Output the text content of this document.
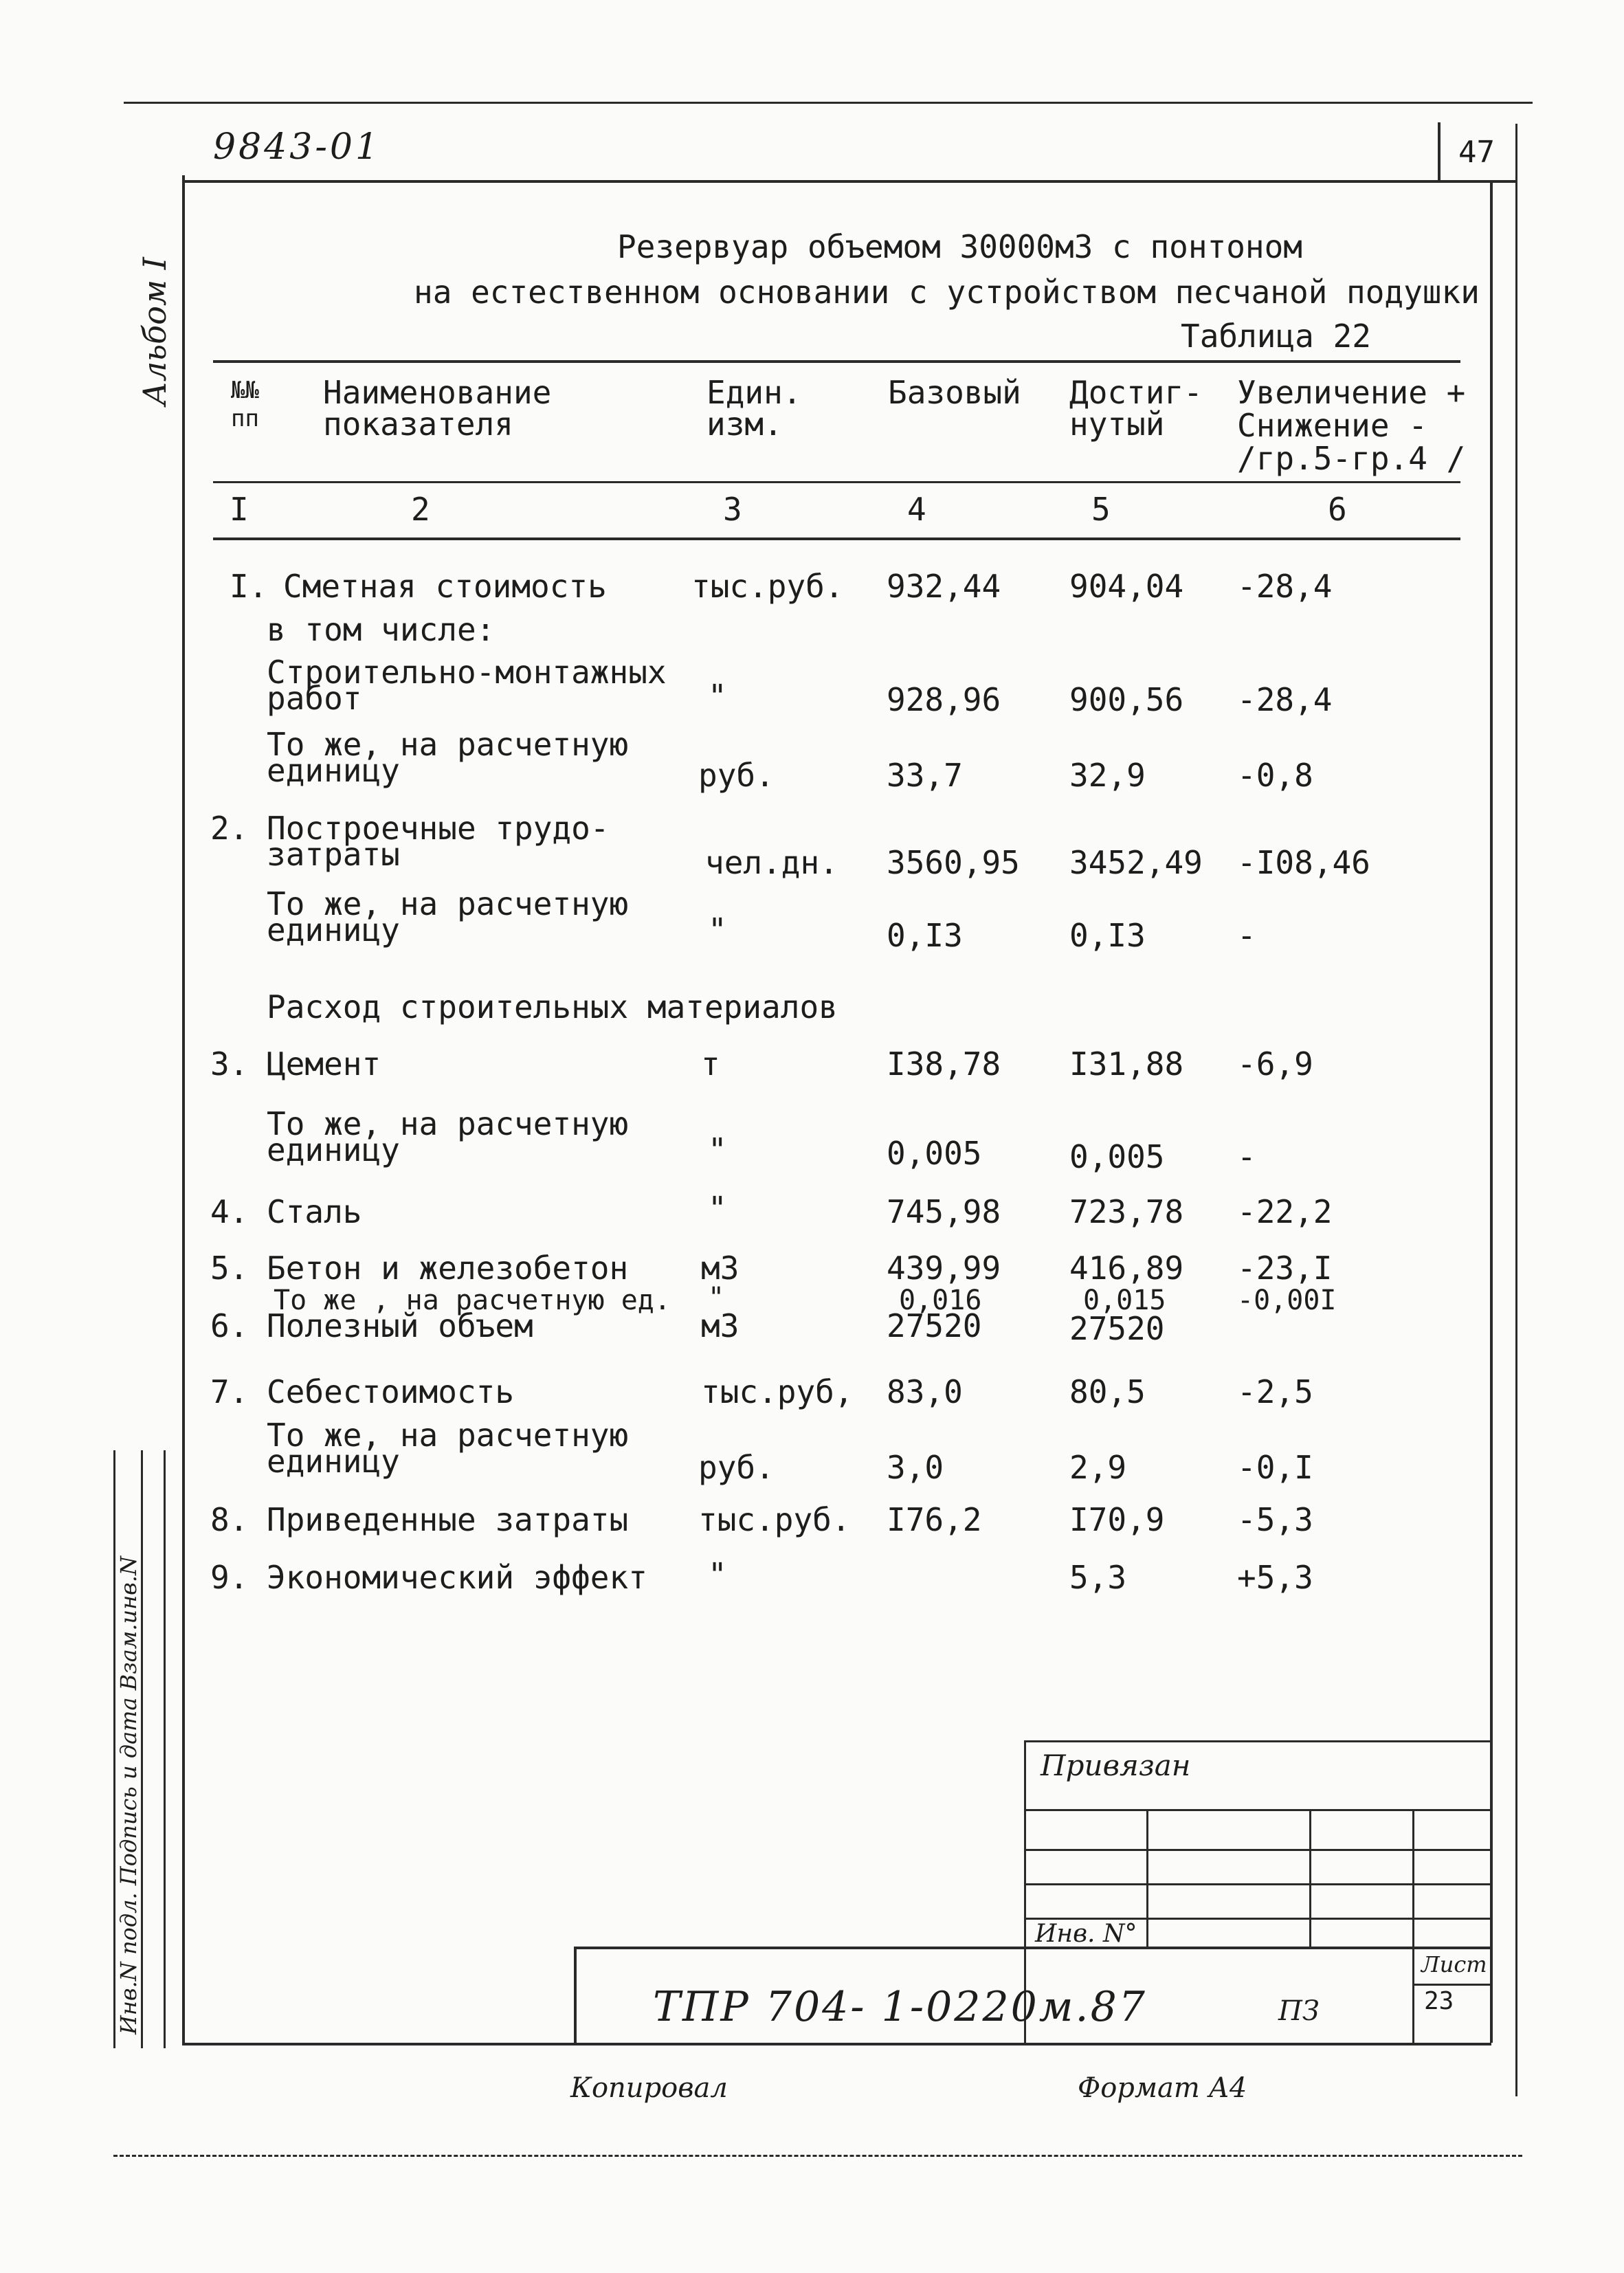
47
9843-01
Альбом I
Инв.N подл. Подпись и дата Взам.инв.N
Резервуар объемом 30000м3 с понтоном
на естественном основании с устройством песчаной подушки
Таблица 22
№№ пп
Наименование показателя
Един. изм.
Базовый Достиг- нутый
Увеличение +
Снижение -
/гр.5-гр.4 /
I	2	3	4	5	6
I. Сметная стоимость	тыс.руб. 932,44 904,04 -28,4
в том числе:
Строительно-монтажных
работ	"	928,96 900,56 -28,4
То же, на расчетную
единицу	руб.	33,7	32,9	-0,8
2. Построечные трудо-
затраты	чел.дн. 3560,95 3452,49 -I08,46
То же, на расчетную
единицу	"	0,I3	0,I3	-
Расход строительных материалов
3. Цемент	т	I38,78 I31,88 -6,9
То же, на расчетную
единицу	"	0,005	0,005 -
4. Сталь	"	745,98 723,78 -22,2
5. Бетон и железобетон м3	439,99 416,89 -23,I
То же , на расчетную ед. "	0,016	0,015	-0,00I
6. Полезный объем	м3	27520	27520
7. Себестоимость	тыс.руб, 83,0	80,5	-2,5
То же, на расчетную
единицу	руб.	3,0	2,9	-0,I
8. Приведенные затраты тыс.руб. I76,2	I70,9 -5,3
9. Экономический эффект "	5,3	+5,3
Привязан
Инв. N°
ТПР 704- 1-0220м.87	ПЗ
Лист
23
Копировал	Формат А4
